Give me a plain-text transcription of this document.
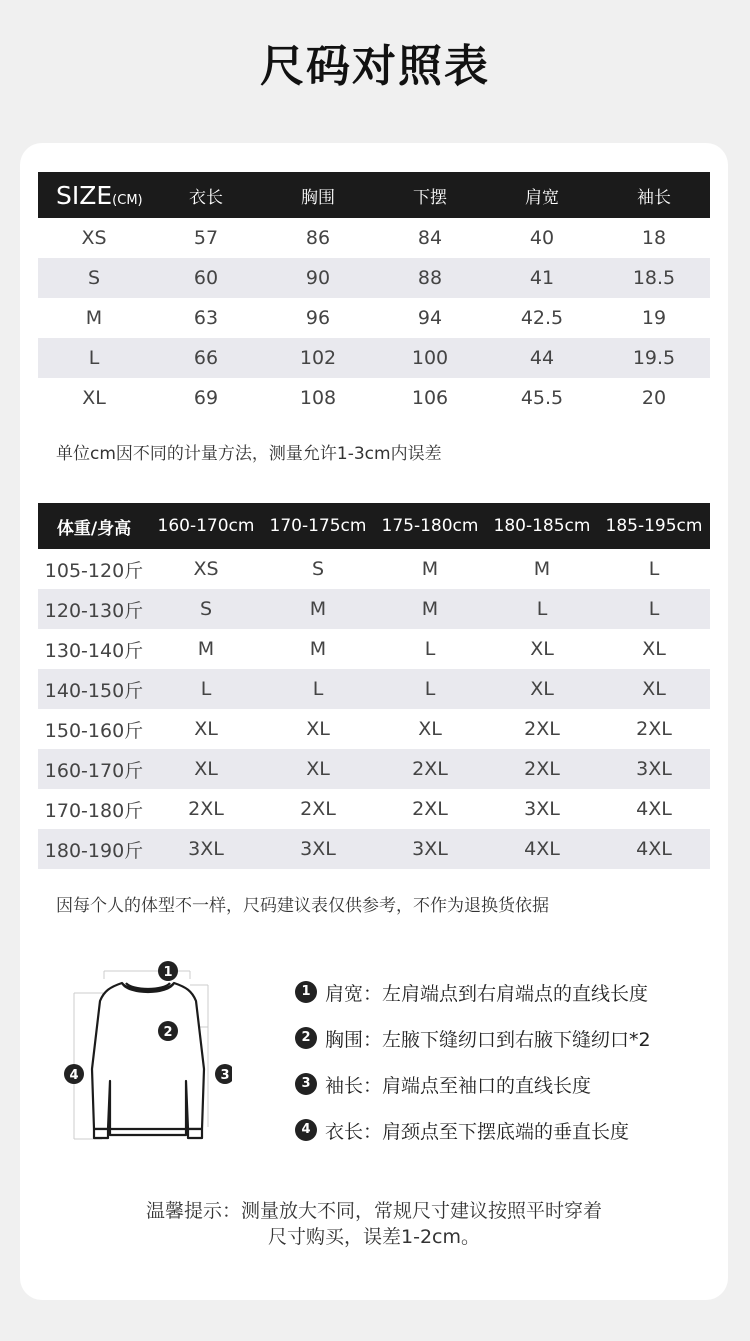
尺码对照表
SIZE(CM)	衣长	胸围	下摆	肩宽	袖长
XS	57	86	84	40	18
S	60	90	88	41	18.5
M	63	96	94	42.5	19
L	66	102	100	44	19.5
XL	69	108	106	45.5	20
单位cm因不同的计量方法，测量允许1-3cm内误差
体重/身高	160-170cm	170-175cm	175-180cm	180-185cm	185-195cm
105-120斤	XS	S	M	M	L
120-130斤	S	M	M	L	L
130-140斤	M	M	L	XL	XL
140-150斤	L	L	L	XL	XL
150-160斤	XL	XL	XL	2XL	2XL
160-170斤	XL	XL	2XL	2XL	3XL
170-180斤	2XL	2XL	2XL	3XL	4XL
180-190斤	3XL	3XL	3XL	4XL	4XL
因每个人的体型不一样，尺码建议表仅供参考，不作为退换货依据
1
2
3
4
1 肩宽：左肩端点到右肩端点的直线长度
2 胸围：左腋下缝纫口到右腋下缝纫口*2
3 袖长：肩端点至袖口的直线长度
4 衣长：肩颈点至下摆底端的垂直长度
温馨提示：测量放大不同，常规尺寸建议按照平时穿着
尺寸购买，误差1-2cm。
